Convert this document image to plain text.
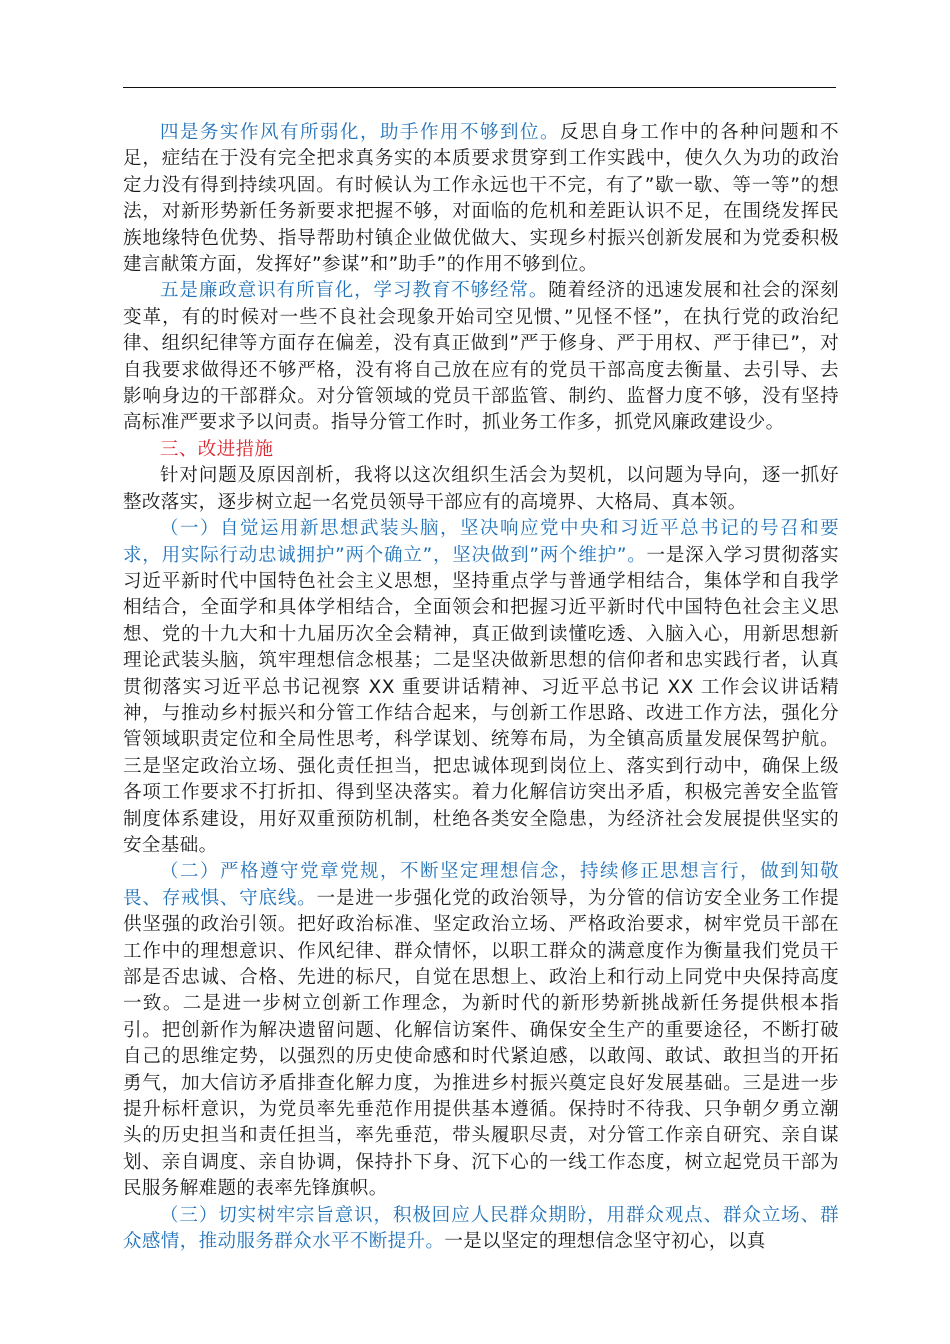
四是务实作风有所弱化，助手作用不够到位。反思自身工作中的各种问题和不足，症结在于没有完全把求真务实的本质要求贯穿到工作实践中，使久久为功的政治定力没有得到持续巩固。有时候认为工作永远也干不完，有了”歇一歇、等一等”的想法，对新形势新任务新要求把握不够，对面临的危机和差距认识不足，在围绕发挥民族地缘特色优势、指导帮助村镇企业做优做大、实现乡村振兴创新发展和为党委积极建言献策方面，发挥好”参谋”和”助手”的作用不够到位。

五是廉政意识有所盲化，学习教育不够经常。随着经济的迅速发展和社会的深刻变革，有的时候对一些不良社会现象开始司空见惯、”见怪不怪”，在执行党的政治纪律、组织纪律等方面存在偏差，没有真正做到”严于修身、严于用权、严于律已”，对自我要求做得还不够严格，没有将自己放在应有的党员干部高度去衡量、去引导、去影响身边的干部群众。对分管领域的党员干部监管、制约、监督力度不够，没有坚持高标准严要求予以问责。指导分管工作时，抓业务工作多，抓党风廉政建设少。

三、改进措施

针对问题及原因剖析，我将以这次组织生活会为契机，以问题为导向，逐一抓好整改落实，逐步树立起一名党员领导干部应有的高境界、大格局、真本领。

（一）自觉运用新思想武装头脑，坚决响应党中央和习近平总书记的号召和要求，用实际行动忠诚拥护”两个确立”，坚决做到”两个维护”。一是深入学习贯彻落实习近平新时代中国特色社会主义思想，坚持重点学与普通学相结合，集体学和自我学相结合，全面学和具体学相结合，全面领会和把握习近平新时代中国特色社会主义思想、党的十九大和十九届历次全会精神，真正做到读懂吃透、入脑入心，用新思想新理论武装头脑，筑牢理想信念根基；二是坚决做新思想的信仰者和忠实践行者，认真贯彻落实习近平总书记视察 XX 重要讲话精神、习近平总书记 XX 工作会议讲话精神，与推动乡村振兴和分管工作结合起来，与创新工作思路、改进工作方法，强化分管领域职责定位和全局性思考，科学谋划、统筹布局，为全镇高质量发展保驾护航。三是坚定政治立场、强化责任担当，把忠诚体现到岗位上、落实到行动中，确保上级各项工作要求不打折扣、得到坚决落实。着力化解信访突出矛盾，积极完善安全监管制度体系建设，用好双重预防机制，杜绝各类安全隐患，为经济社会发展提供坚实的安全基础。

（二）严格遵守党章党规，不断坚定理想信念，持续修正思想言行，做到知敬畏、存戒惧、守底线。一是进一步强化党的政治领导，为分管的信访安全业务工作提供坚强的政治引领。把好政治标准、坚定政治立场、严格政治要求，树牢党员干部在工作中的理想意识、作风纪律、群众情怀，以职工群众的满意度作为衡量我们党员干部是否忠诚、合格、先进的标尺，自觉在思想上、政治上和行动上同党中央保持高度一致。二是进一步树立创新工作理念，为新时代的新形势新挑战新任务提供根本指引。把创新作为解决遗留问题、化解信访案件、确保安全生产的重要途径，不断打破自己的思维定势，以强烈的历史使命感和时代紧迫感，以敢闯、敢试、敢担当的开拓勇气，加大信访矛盾排查化解力度，为推进乡村振兴奠定良好发展基础。三是进一步提升标杆意识，为党员率先垂范作用提供基本遵循。保持时不待我、只争朝夕勇立潮头的历史担当和责任担当，率先垂范，带头履职尽责，对分管工作亲自研究、亲自谋划、亲自调度、亲自协调，保持扑下身、沉下心的一线工作态度，树立起党员干部为民服务解难题的表率先锋旗帜。

（三）切实树牢宗旨意识，积极回应人民群众期盼，用群众观点、群众立场、群众感情，推动服务群众水平不断提升。一是以坚定的理想信念坚守初心，以真
